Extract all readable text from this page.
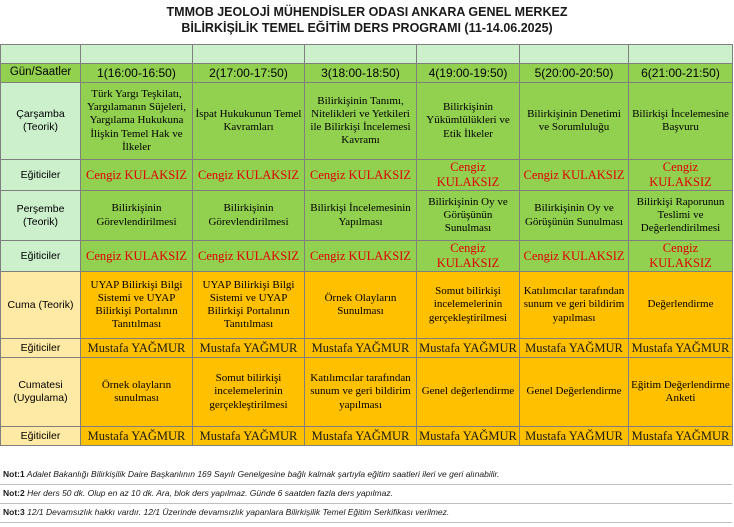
TMMOB JEOLOJİ MÜHENDİSLER ODASI ANKARA GENEL MERKEZ
BİLİRKİŞİLİK TEMEL EĞİTİM DERS PROGRAMI (11-14.06.2025)

Gün/Saatler	1(16:00-16:50)	2(17:00-17:50)	3(18:00-18:50)	4(19:00-19:50)	5(20:00-20:50)	6(21:00-21:50)
Çarşamba (Teorik)	Türk Yargı Teşkilatı, Yargılamanın Süjeleri, Yargılama Hukukuna İlişkin Temel Hak ve İlkeler	İspat Hukukunun Temel Kavramları	Bilirkişinin Tanımı, Nitelikleri ve Yetkileri ile Bilirkişi İncelemesi Kavramı	Bilirkişinin Yükümlülükleri ve Etik İlkeler	Bilirkişinin Denetimi ve Sorumluluğu	Bilirkişi İncelemesine Başvuru
Eğiticiler	Cengiz KULAKSIZ	Cengiz KULAKSIZ	Cengiz KULAKSIZ	Cengiz KULAKSIZ	Cengiz KULAKSIZ	Cengiz KULAKSIZ
Perşembe (Teorik)	Bilirkişinin Görevlendirilmesi	Bilirkişinin Görevlendirilmesi	Bilirkişi İncelemesinin Yapılması	Bilirkişinin Oy ve Görüşünün Sunulması	Bilirkişinin Oy ve Görüşünün Sunulması	Bilirkişi Raporunun Teslimi ve Değerlendirilmesi
Eğiticiler	Cengiz KULAKSIZ	Cengiz KULAKSIZ	Cengiz KULAKSIZ	Cengiz KULAKSIZ	Cengiz KULAKSIZ	Cengiz KULAKSIZ
Cuma (Teorik)	UYAP Bilirkişi Bilgi Sistemi ve UYAP Bilirkişi Portalının Tanıtılması	UYAP Bilirkişi Bilgi Sistemi ve UYAP Bilirkişi Portalının Tanıtılması	Örnek Olayların Sunulması	Somut bilirkişi incelemelerinin gerçekleştirilmesi	Katılımcılar tarafından sunum ve geri bildirim yapılması	Değerlendirme
Eğiticiler	Mustafa YAĞMUR	Mustafa YAĞMUR	Mustafa YAĞMUR	Mustafa YAĞMUR	Mustafa YAĞMUR	Mustafa YAĞMUR
Cumatesi (Uygulama)	Örnek olayların sunulması	Somut bilirkişi incelemelerinin gerçekleştirilmesi	Katılımcılar tarafından sunum ve geri bildirim yapılması	Genel değerlendirme	Genel Değerlendirme	Eğitim Değerlendirme Anketi
Eğiticiler	Mustafa YAĞMUR	Mustafa YAĞMUR	Mustafa YAĞMUR	Mustafa YAĞMUR	Mustafa YAĞMUR	Mustafa YAĞMUR
Not:1 Adalet Bakanlığı Bilirkişilik Daire Başkanlının 169 Sayılı Genelgesine bağlı kalmak şartıyla eğitim saatleri ileri ve geri alınabilir.
Not:2 Her ders 50 dk. Olup en az 10 dk. Ara, blok ders yapılmaz. Günde 6 saatden fazla ders yapılmaz.
Not:3 12/1 Devamsızlık hakkı vardır. 12/1 Üzerinde devamsızlık yapanlara Bilirkişilik Temel Eğitim Serkifikası verilmez.
